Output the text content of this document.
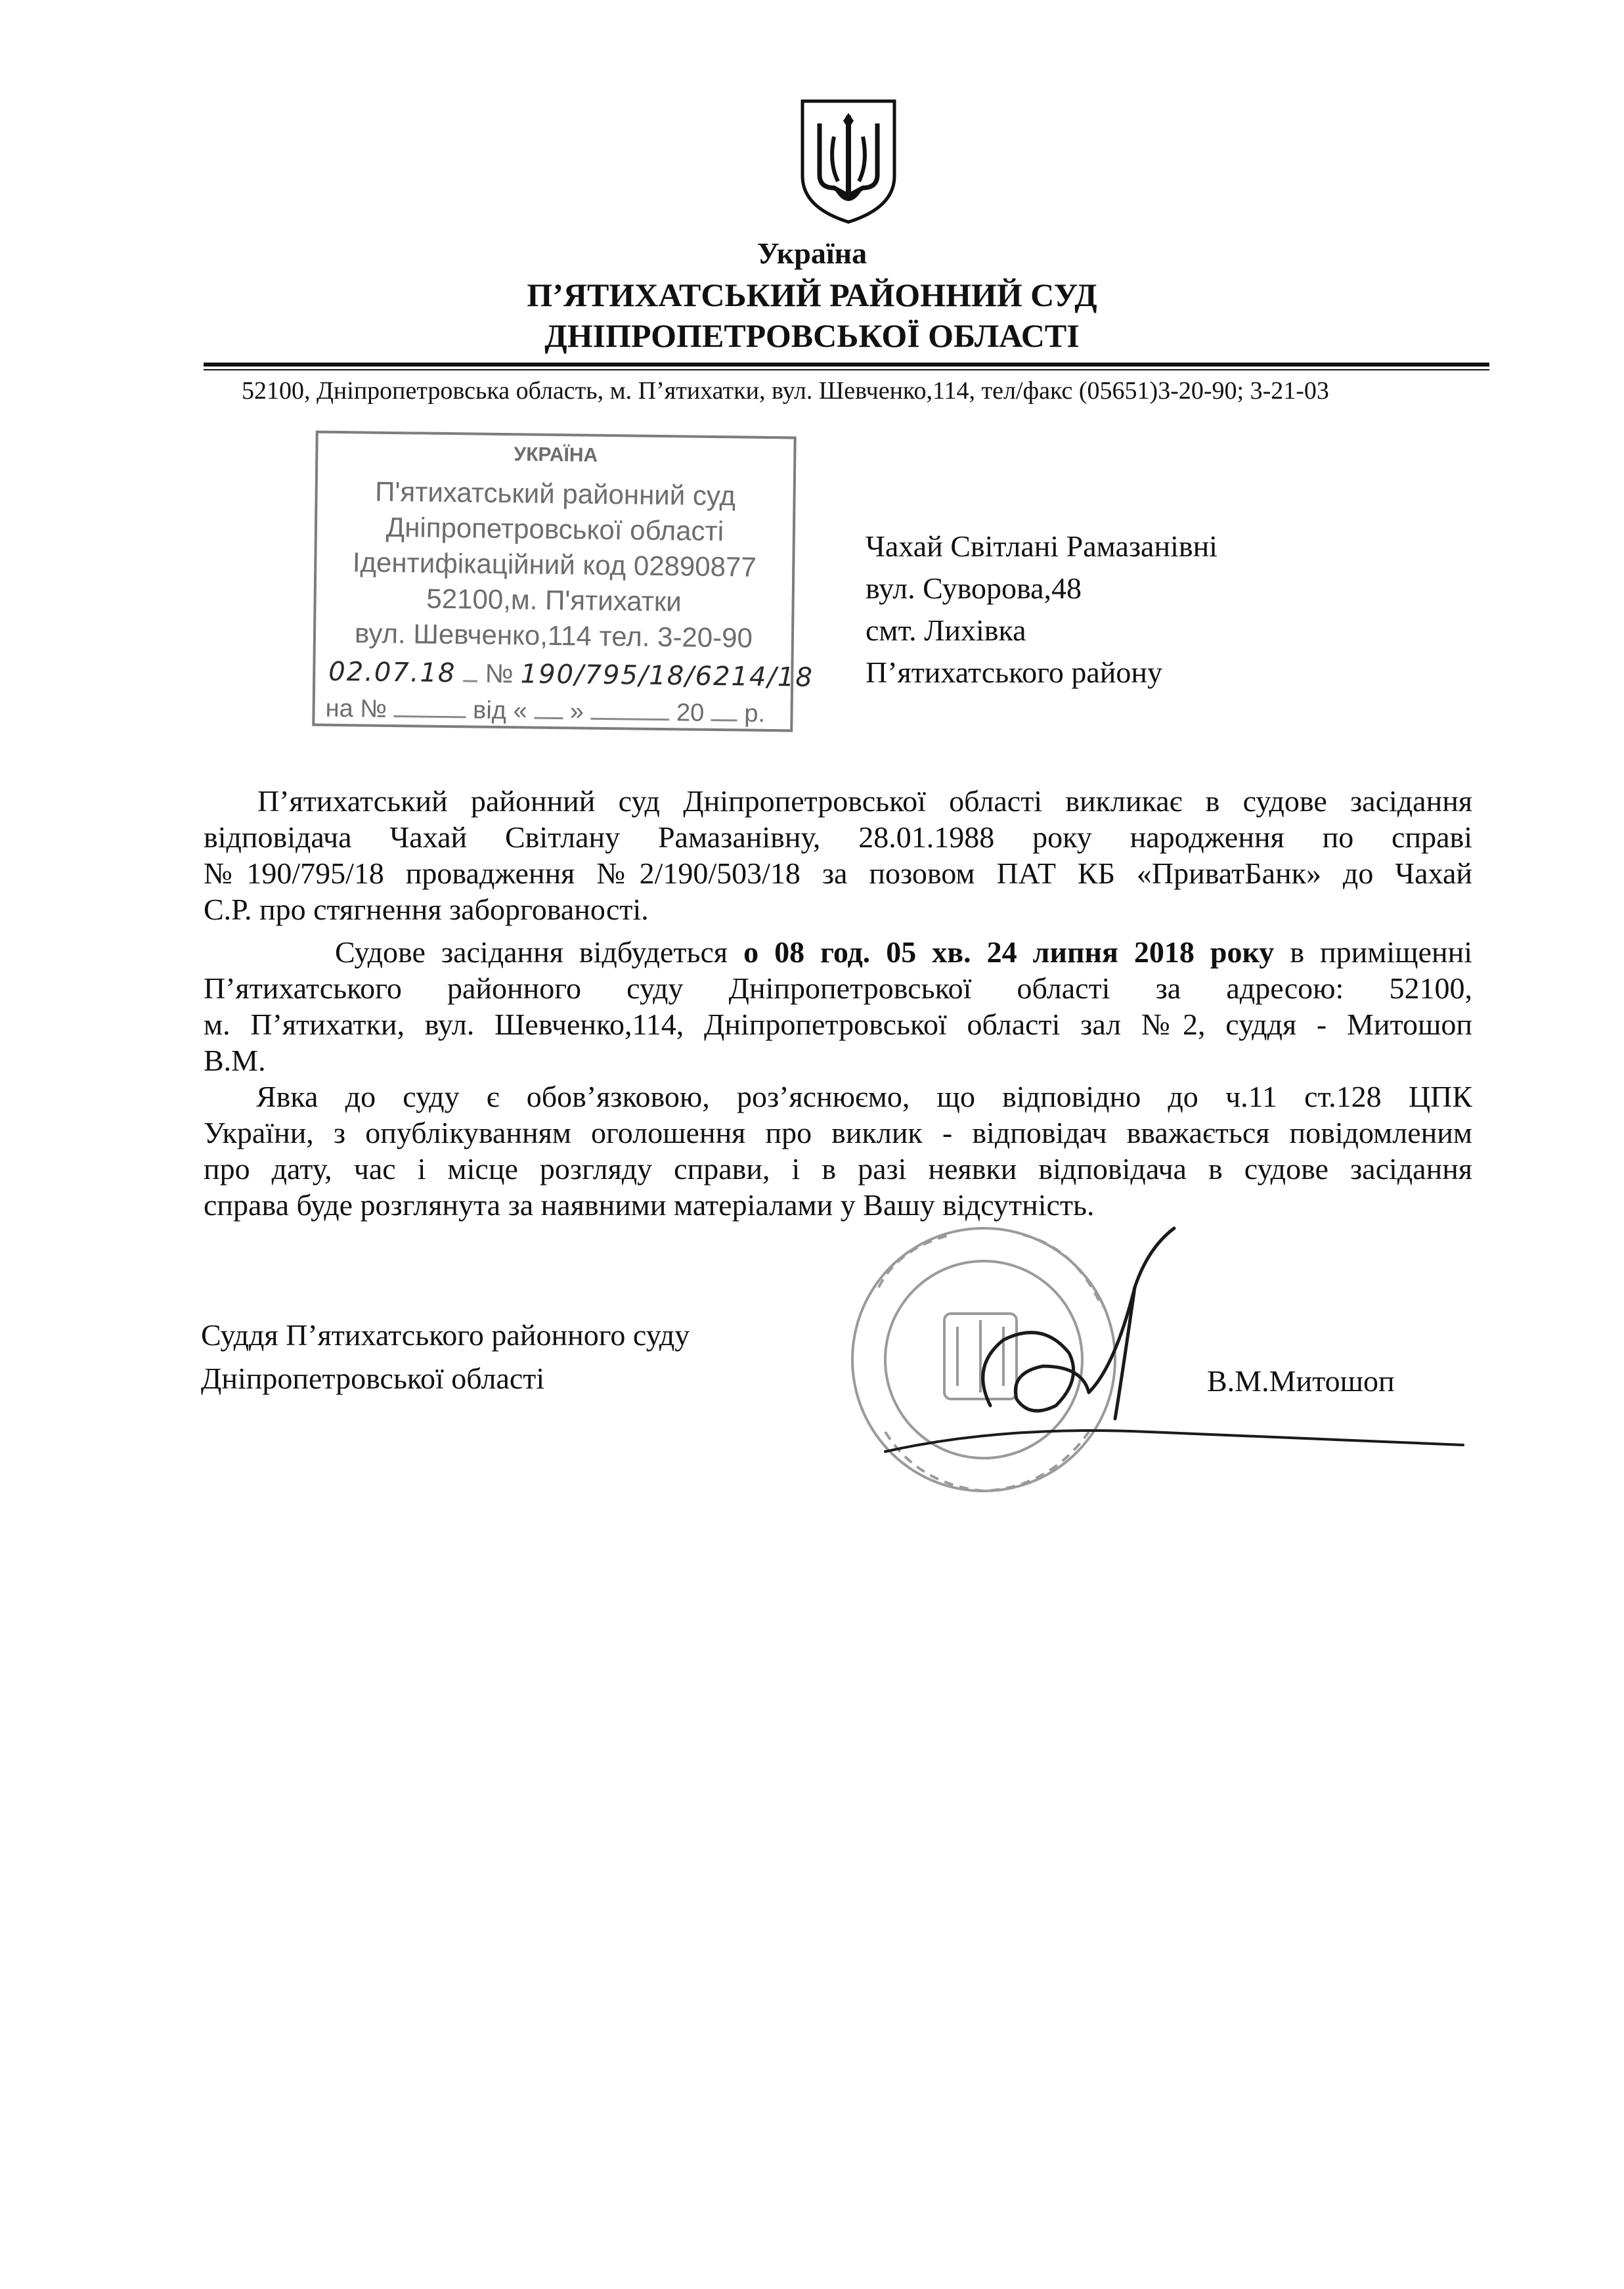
Україна
П’ЯТИХАТСЬКИЙ РАЙОННИЙ СУД
ДНІПРОПЕТРОВСЬКОЇ ОБЛАСТІ
52100, Дніпропетровська область, м. П’ятихатки, вул. Шевченко,114, тел/факс (05651)3-20-90; 3-21-03
УКРАЇНА
П'ятихатський районний суд
Дніпропетровської області
Ідентифікаційний код 02890877
52100,м. П'ятихатки
вул. Шевченко,114 тел. 3-20-90
02.07.18 № 190/795/18/6214/18
на №	від « »	20 р.
Чахай Світлані Рамазанівні
вул. Суворова,48
смт. Лихівка
П’ятихатського району
П’ятихатський районний суд Дніпропетровської області викликає в судове засідання
відповідача Чахай Світлану Рамазанівну, 28.01.1988 року народження по справі
№190/795/18 провадження №2/190/503/18 за позовом ПАТ КБ «ПриватБанк» до Чахай
С.Р. про стягнення заборгованості.
Судове засідання відбудеться о 08 год. 05 хв. 24 липня 2018 року в приміщенні
П’ятихатського районного суду Дніпропетровської області за адресою: 52100,
м. П’ятихатки, вул. Шевченко,114, Дніпропетровської області зал №2, суддя - Митошоп
В.М.
Явка до суду є обов’язковою, роз’яснюємо, що відповідно до ч.11 ст.128 ЦПК
України, з опублікуванням оголошення про виклик - відповідач вважається повідомленим
про дату, час і місце розгляду справи, і в разі неявки відповідача в судове засідання
справа буде розглянута за наявними матеріалами у Вашу відсутність.
Суддя П’ятихатського районного суду
Дніпропетровської області	В.М.Митошоп
